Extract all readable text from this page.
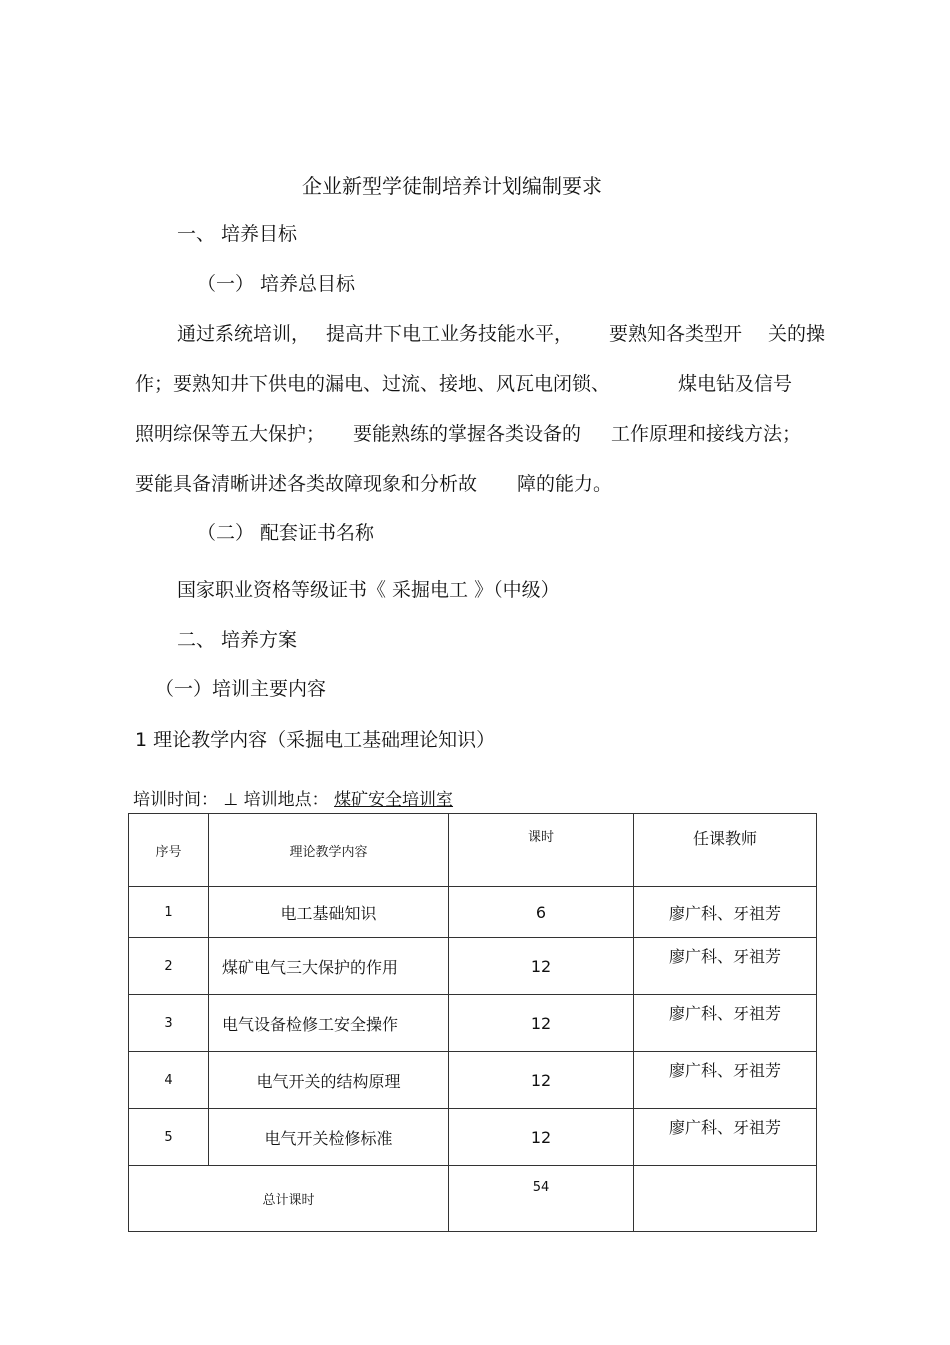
企业新型学徒制培养计划编制要求
一、 培养目标
（一） 培养总目标
通过系统培训， 提高井下电工业务技能水平， 要熟知各类型开 关的操
作；要熟知井下供电的漏电、过流、接地、风瓦电闭锁、	煤电钻及信号
照明综保等五大保护； 要能熟练的掌握各类设备的 工作原理和接线方法；
要能具备清晰讲述各类故障现象和分析故 障的能力。
（二） 配套证书名称
国家职业资格等级证书《 采掘电工 》（中级）
二、 培养方案
（一）培训主要内容
1 理论教学内容（采掘电工基础理论知识）
培训时间： ⊥ 培训地点： 煤矿安全培训室
序号	理论教学内容	课时	任课教师
1	电工基础知识	6	廖广科、牙祖芳
2	煤矿电气三大保护的作用	12	廖广科、牙祖芳
3	电气设备检修工安全操作	12	廖广科、牙祖芳
4	电气开关的结构原理	12	廖广科、牙祖芳
5	电气开关检修标准	12	廖广科、牙祖芳
总计课时		54	
